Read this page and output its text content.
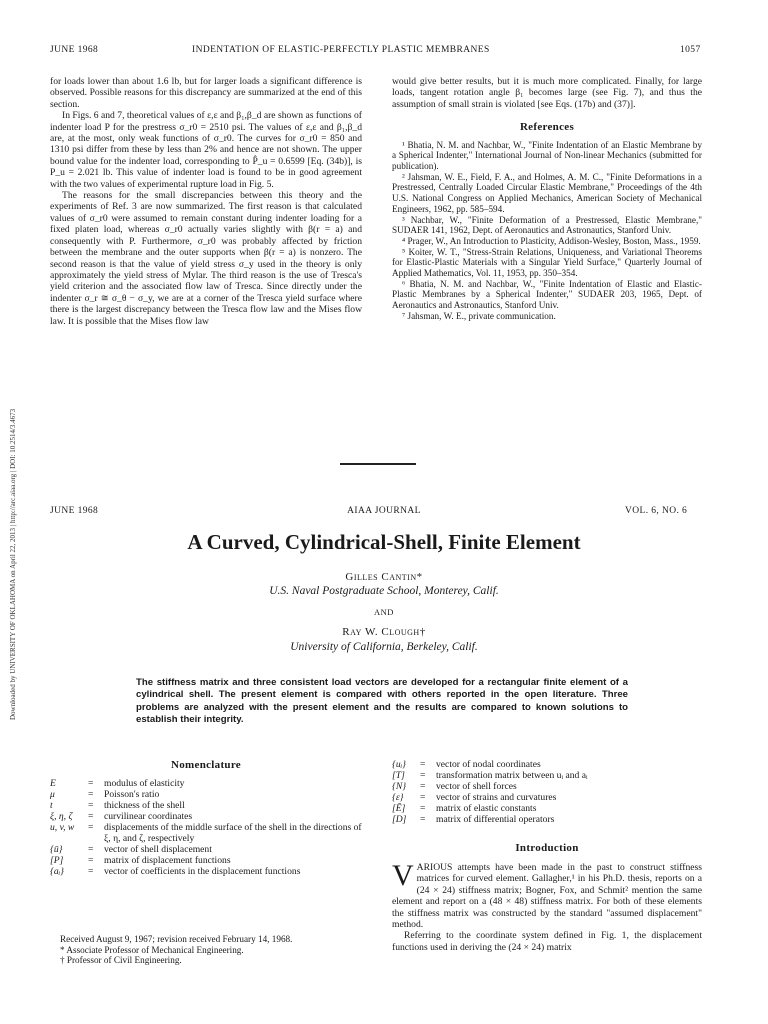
JUNE 1968	INDENTATION OF ELASTIC-PERFECTLY PLASTIC MEMBRANES	1057
Downloaded by UNIVERSITY OF OKLAHOMA on April 22, 2013 | http://arc.aiaa.org | DOI: 10.2514/3.4673

for loads lower than about 1.6 lb, but for larger loads a significant difference is observed. Possible reasons for this discrepancy are summarized at the end of this section.

In Figs. 6 and 7, theoretical values of ε,ε and β₁,β_d are shown as functions of indenter load P for the prestress σ_r0 = 2510 psi. The values of ε,ε and β₁,β_d are, at the most, only weak functions of σ_r0. The curves for σ_r0 = 850 and 1310 psi differ from these by less than 2% and hence are not shown. The upper bound value for the indenter load, corresponding to P̂_u = 0.6599 [Eq. (34b)], is P_u = 2.021 lb. This value of indenter load is found to be in good agreement with the two values of experimental rupture load in Fig. 5.

The reasons for the small discrepancies between this theory and the experiments of Ref. 3 are now summarized. The first reason is that calculated values of σ_r0 were assumed to remain constant during indenter loading for a fixed platen load, whereas σ_r0 actually varies slightly with β(r = a) and consequently with P. Furthermore, σ_r0 was probably affected by friction between the membrane and the outer supports when β(r = a) is nonzero. The second reason is that the value of yield stress σ_y used in the theory is only approximately the yield stress of Mylar. The third reason is the use of Tresca's yield criterion and the associated flow law of Tresca. Since directly under the indenter σ_r ≅ σ_θ − σ_y, we are at a corner of the Tresca yield surface where there is the largest discrepancy between the Tresca flow law and the Mises flow law. It is possible that the Mises flow law

would give better results, but it is much more complicated. Finally, for large loads, tangent rotation angle β₁ becomes large (see Fig. 7), and thus the assumption of small strain is violated [see Eqs. (17b) and (37)].

References

¹ Bhatia, N. M. and Nachbar, W., "Finite Indentation of an Elastic Membrane by a Spherical Indenter," International Journal of Non-linear Mechanics (submitted for publication).

² Jahsman, W. E., Field, F. A., and Holmes, A. M. C., "Finite Deformations in a Prestressed, Centrally Loaded Circular Elastic Membrane," Proceedings of the 4th U.S. National Congress on Applied Mechanics, American Society of Mechanical Engineers, 1962, pp. 585–594.

³ Nachbar, W., "Finite Deformation of a Prestressed, Elastic Membrane," SUDAER 141, 1962, Dept. of Aeronautics and Astronautics, Stanford Univ.

⁴ Prager, W., An Introduction to Plasticity, Addison-Wesley, Boston, Mass., 1959.

⁵ Koiter, W. T., "Stress-Strain Relations, Uniqueness, and Variational Theorems for Elastic-Plastic Materials with a Singular Yield Surface," Quarterly Journal of Applied Mathematics, Vol. 11, 1953, pp. 350–354.

⁶ Bhatia, N. M. and Nachbar, W., "Finite Indentation of Elastic and Elastic-Plastic Membranes by a Spherical Indenter," SUDAER 203, 1965, Dept. of Aeronautics and Astronautics, Stanford Univ.

⁷ Jahsman, W. E., private communication.

JUNE 1968	AIAA JOURNAL	VOL. 6, NO. 6
A Curved, Cylindrical-Shell, Finite Element
Gilles Cantin*
U.S. Naval Postgraduate School, Monterey, Calif.
AND
Ray W. Clough†
University of California, Berkeley, Calif.
The stiffness matrix and three consistent load vectors are developed for a rectangular finite element of a cylindrical shell. The present element is compared with others reported in the open literature. Three problems are analyzed with the present element and the results are compared to known solutions to establish their integrity.
Nomenclature
E	=	modulus of elasticity
μ	=	Poisson's ratio
t	=	thickness of the shell
ξ, η, ζ	=	curvilinear coordinates
u, v, w	=	displacements of the middle surface of the shell in the directions of ξ, η, and ζ, respectively
{ū}	=	vector of shell displacement
[P]	=	matrix of displacement functions
{aᵢ}	=	vector of coefficients in the displacement functions
{uᵢ}	=	vector of nodal coordinates
[T]	=	transformation matrix between uᵢ and aᵢ
{N}	=	vector of shell forces
{ε}	=	vector of strains and curvatures
[Ē]	=	matrix of elastic constants
[D]	=	matrix of differential operators

Received August 9, 1967; revision received February 14, 1968.

* Associate Professor of Mechanical Engineering.

† Professor of Civil Engineering.

Introduction

VARIOUS attempts have been made in the past to construct stiffness matrices for curved element. Gallagher,¹ in his Ph.D. thesis, reports on a (24 × 24) stiffness matrix; Bogner, Fox, and Schmit² mention the same element and report on a (48 × 48) stiffness matrix. For both of these elements the stiffness matrix was constructed by the standard "assumed displacement" method.

Referring to the coordinate system defined in Fig. 1, the displacement functions used in deriving the (24 × 24) matrix
